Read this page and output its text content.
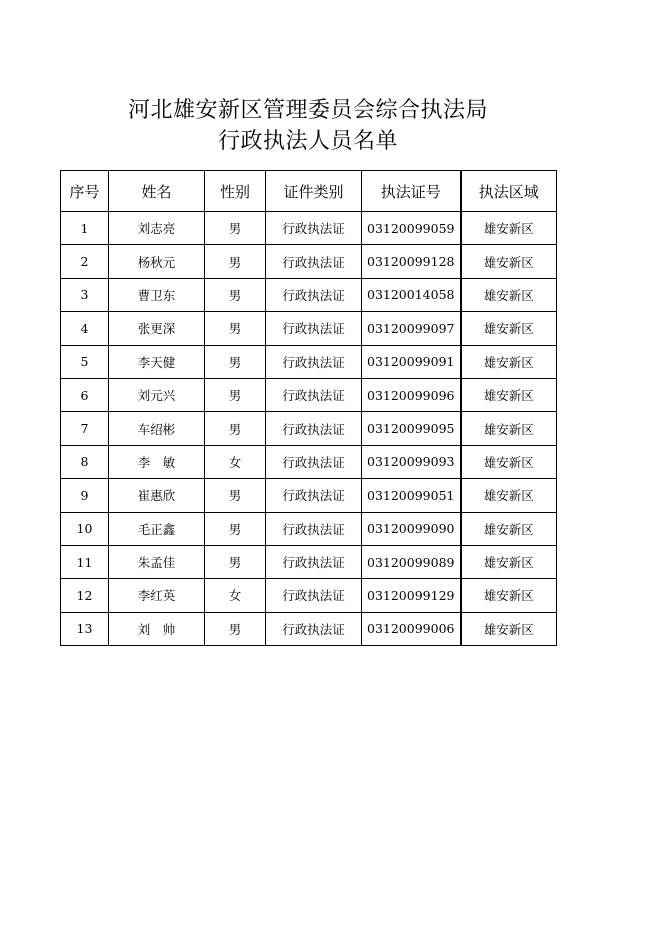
河北雄安新区管理委员会综合执法局
行政执法人员名单
序号	姓名	性别	证件类别	执法证号	执法区域
1	刘志亮	男	行政执法证	03120099059	雄安新区
2	杨秋元	男	行政执法证	03120099128	雄安新区
3	曹卫东	男	行政执法证	03120014058	雄安新区
4	张更深	男	行政执法证	03120099097	雄安新区
5	李天健	男	行政执法证	03120099091	雄安新区
6	刘元兴	男	行政执法证	03120099096	雄安新区
7	车绍彬	男	行政执法证	03120099095	雄安新区
8	李　敏	女	行政执法证	03120099093	雄安新区
9	崔惠欣	男	行政执法证	03120099051	雄安新区
10	毛正鑫	男	行政执法证	03120099090	雄安新区
11	朱孟佳	男	行政执法证	03120099089	雄安新区
12	李红英	女	行政执法证	03120099129	雄安新区
13	刘　帅	男	行政执法证	03120099006	雄安新区
